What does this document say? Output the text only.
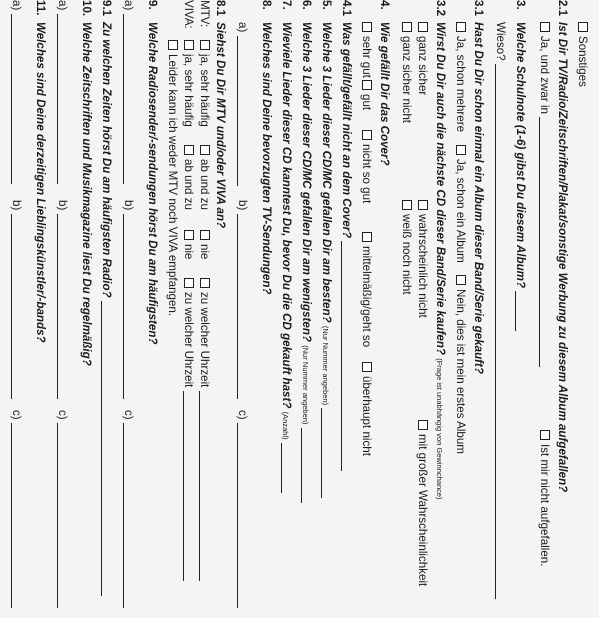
Sonstiges
2.1Ist Dir TV/Radio/Zeitschriften/Plakat/sonstige Werbung zu diesem Album aufgefallen?
Ja, und zwar in
Ist mir nicht aufgefallen.
3.Welche Schulnote (1-6) gibst Du diesem Album?
Wieso?
3.1Hast Du Dir schon einmal ein Album dieser Band/Serie gekauft?
Ja, schon mehrere
Ja, schon ein Album
Nein, dies ist mein erstes Album
3.2Wirst Du Dir auch die nächste CD dieser Band/Serie kaufen? (Frage ist unabhängig von Gewinnchance)
ganz sicher
wahrscheinlich nicht
mit großer Wahrscheinlichkeit
ganz sicher nicht
weiß noch nicht
4.Wie gefällt Dir das Cover?
sehr gut
gut
nicht so gut
mittelmäßig/geht so
überhaupt nicht
4.1Was gefällt/gefällt nicht an dem Cover?
5.Welche 3 Lieder dieser CD/MC gefallen Dir am besten? (Nur Nummer angeben)
6.Welche 3 Lieder dieser CD/MC gefallen Dir am wenigsten? (Nur Nummer angeben)
7.Wieviele Lieder dieser CD kanntest Du, bevor Du die CD gekauft hast? (Anzahl)
8.Welches sind Deine bevorzugten TV-Sendungen?
a)
b)
c)
8.1Siehst Du Dir MTV und/oder VIVA an?
MTV:
ja, sehr häufig
ab und zu
nie
zu welcher Uhrzeit
VIVA:
ja, sehr häufig
ab und zu
nie
zu welcher Uhrzeit
Leider kann ich weder MTV noch VIVA empfangen.
9.Welche Radiosender/-sendungen hörst Du am häufigsten?
a)
b)
c)
9.1Zu welchen Zeiten hörst Du am häufigsten Radio?
10.Welche Zeitschriften und Musikmagazine liest Du regelmäßig?
a)
b)
c)
11.Welches sind Deine derzeitigen Lieblingskünstler/-bands?
a)
b)
c)
